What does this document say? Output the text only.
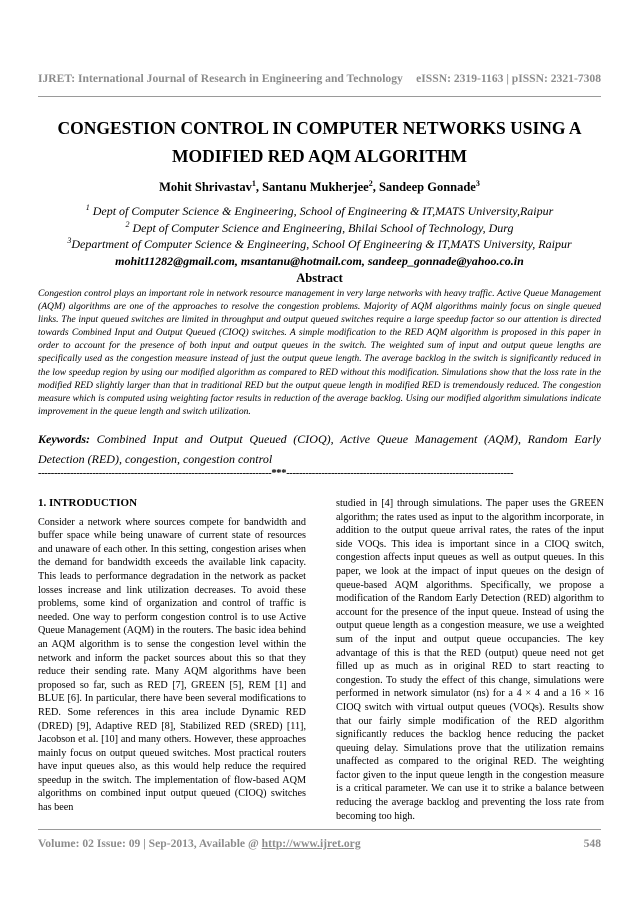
IJRET: International Journal of Research in Engineering and Technology eISSN: 2319-1163 | pISSN: 2321-7308
CONGESTION CONTROL IN COMPUTER NETWORKS USING A
MODIFIED RED AQM ALGORITHM
Mohit Shrivastav$^1$, Santanu Mukherjee$^2$, Sandeep Gonnade$^3$
$^1$ Dept of Computer Science & Engineering, School of Engineering & IT,MATS University,Raipur
$^2$ Dept of Computer Science and Engineering, Bhilai School of Technology, Durg
$^3$Department of Computer Science & Engineering, School Of Engineering & IT,MATS University, Raipur
mohit11282@gmail.com, msantanu@hotmail.com, sandeep_gonnade@yahoo.co.in
Abstract
Congestion control plays an important role in network resource management in very large networks with heavy traffic. Active Queue Management (AQM) algorithms are one of the approaches to resolve the congestion problems. Majority of AQM algorithms mainly focus on single queued links. The input queued switches are limited in throughput and output queued switches require a large speedup factor so our attention is directed towards Combined Input and Output Queued (CIOQ) switches. A simple modification to the RED AQM algorithm is proposed in this paper in order to account for the presence of both input and output queues in the switch. The weighted sum of input and output queue lengths are specifically used as the congestion measure instead of just the output queue length. The average backlog in the switch is significantly reduced in the low speedup region by using our modified algorithm as compared to RED without this modification. Simulations show that the loss rate in the modified RED slightly larger than that in traditional RED but the output queue length in modified RED is tremendously reduced. The congestion measure which is computed using weighting factor results in reduction of the average backlog. Using our modified algorithm simulations indicate improvement in the queue length and switch utilization.
Keywords: Combined Input and Output Queued (CIOQ), Active Queue Management (AQM), Random Early Detection (RED), congestion, congestion control
-------------------------------------------------------------------------***-----------------------------------------------------------------------
1. INTRODUCTION

Consider a network where sources compete for bandwidth and buffer space while being unaware of current state of resources and unaware of each other. In this setting, congestion arises when the demand for bandwidth exceeds the available link capacity. This leads to performance degradation in the network as packet losses increase and link utilization decreases. To avoid these problems, some kind of organization and control of traffic is needed. One way to perform congestion control is to use Active Queue Management (AQM) in the routers. The basic idea behind an AQM algorithm is to sense the congestion level within the network and inform the packet sources about this so that they reduce their sending rate. Many AQM algorithms have been proposed so far, such as RED [7], GREEN [5], REM [1] and BLUE [6]. In particular, there have been several modifications to RED. Some references in this area include Dynamic RED (DRED) [9], Adaptive RED [8], Stabilized RED (SRED) [11], Jacobson et al. [10] and many others. However, these approaches mainly focus on output queued switches. Most practical routers have input queues also, as this would help reduce the required speedup in the switch. The implementation of flow-based AQM algorithms on combined input output queued (CIOQ) switches has been

studied in [4] through simulations. The paper uses the GREEN algorithm; the rates used as input to the algorithm incorporate, in addition to the output queue arrival rates, the rates of the input side VOQs. This idea is important since in a CIOQ switch, congestion affects input queues as well as output queues. In this paper, we look at the impact of input queues on the design of queue-based AQM algorithms. Specifically, we propose a modification of the Random Early Detection (RED) algorithm to account for the presence of the input queue. Instead of using the output queue length as a congestion measure, we use a weighted sum of the input and output queue occupancies. The key advantage of this is that the RED (output) queue need not get filled up as much as in original RED to start reacting to congestion. To study the effect of this change, simulations were performed in network simulator (ns) for a 4 × 4 and a 16 × 16 CIOQ switch with virtual output queues (VOQs). Results show that our fairly simple modification of the RED algorithm significantly reduces the backlog hence reducing the packet queuing delay. Simulations prove that the utilization remains unaffected as compared to the original RED. The weighting factor given to the input queue length in the congestion measure is a critical parameter. We can use it to strike a balance between reducing the average backlog and preventing the loss rate from becoming too high.

Volume: 02 Issue: 09 | Sep-2013, Available @ http://www.ijret.org	548
